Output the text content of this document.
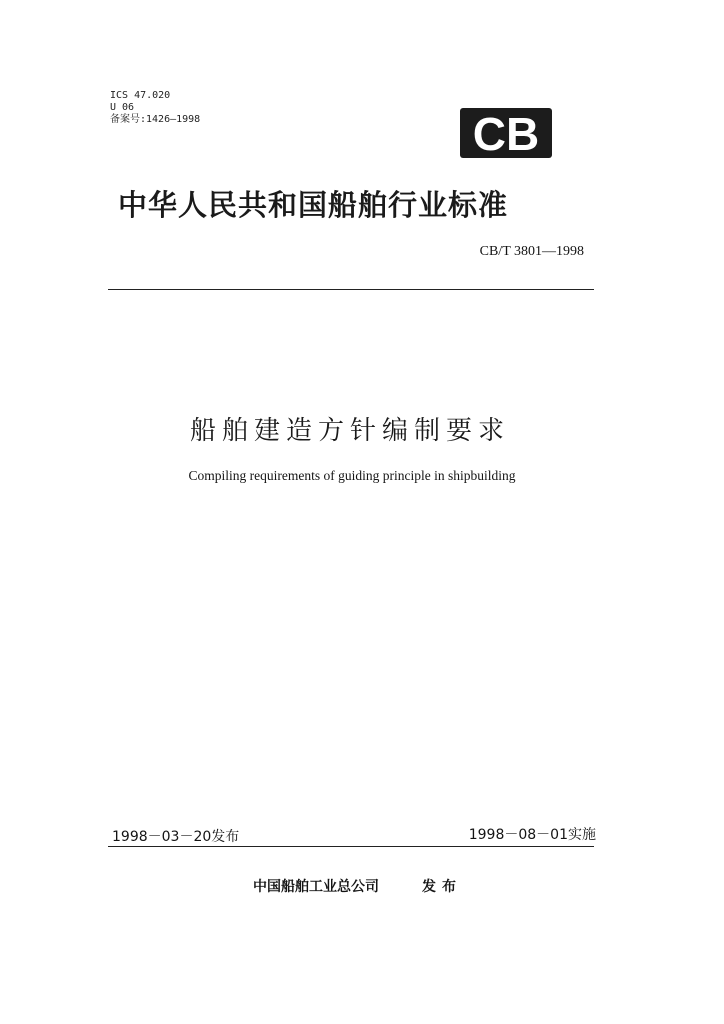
ICS 47.020
U 06
备案号:1426—1998	CB
中华人民共和国船舶行业标准
CB/T 3801—1998
船舶建造方针编制要求
Compiling requirements of guiding principle in shipbuilding
1998－03－20发布	1998－08－01实施
中国船舶工业总公司	发布
